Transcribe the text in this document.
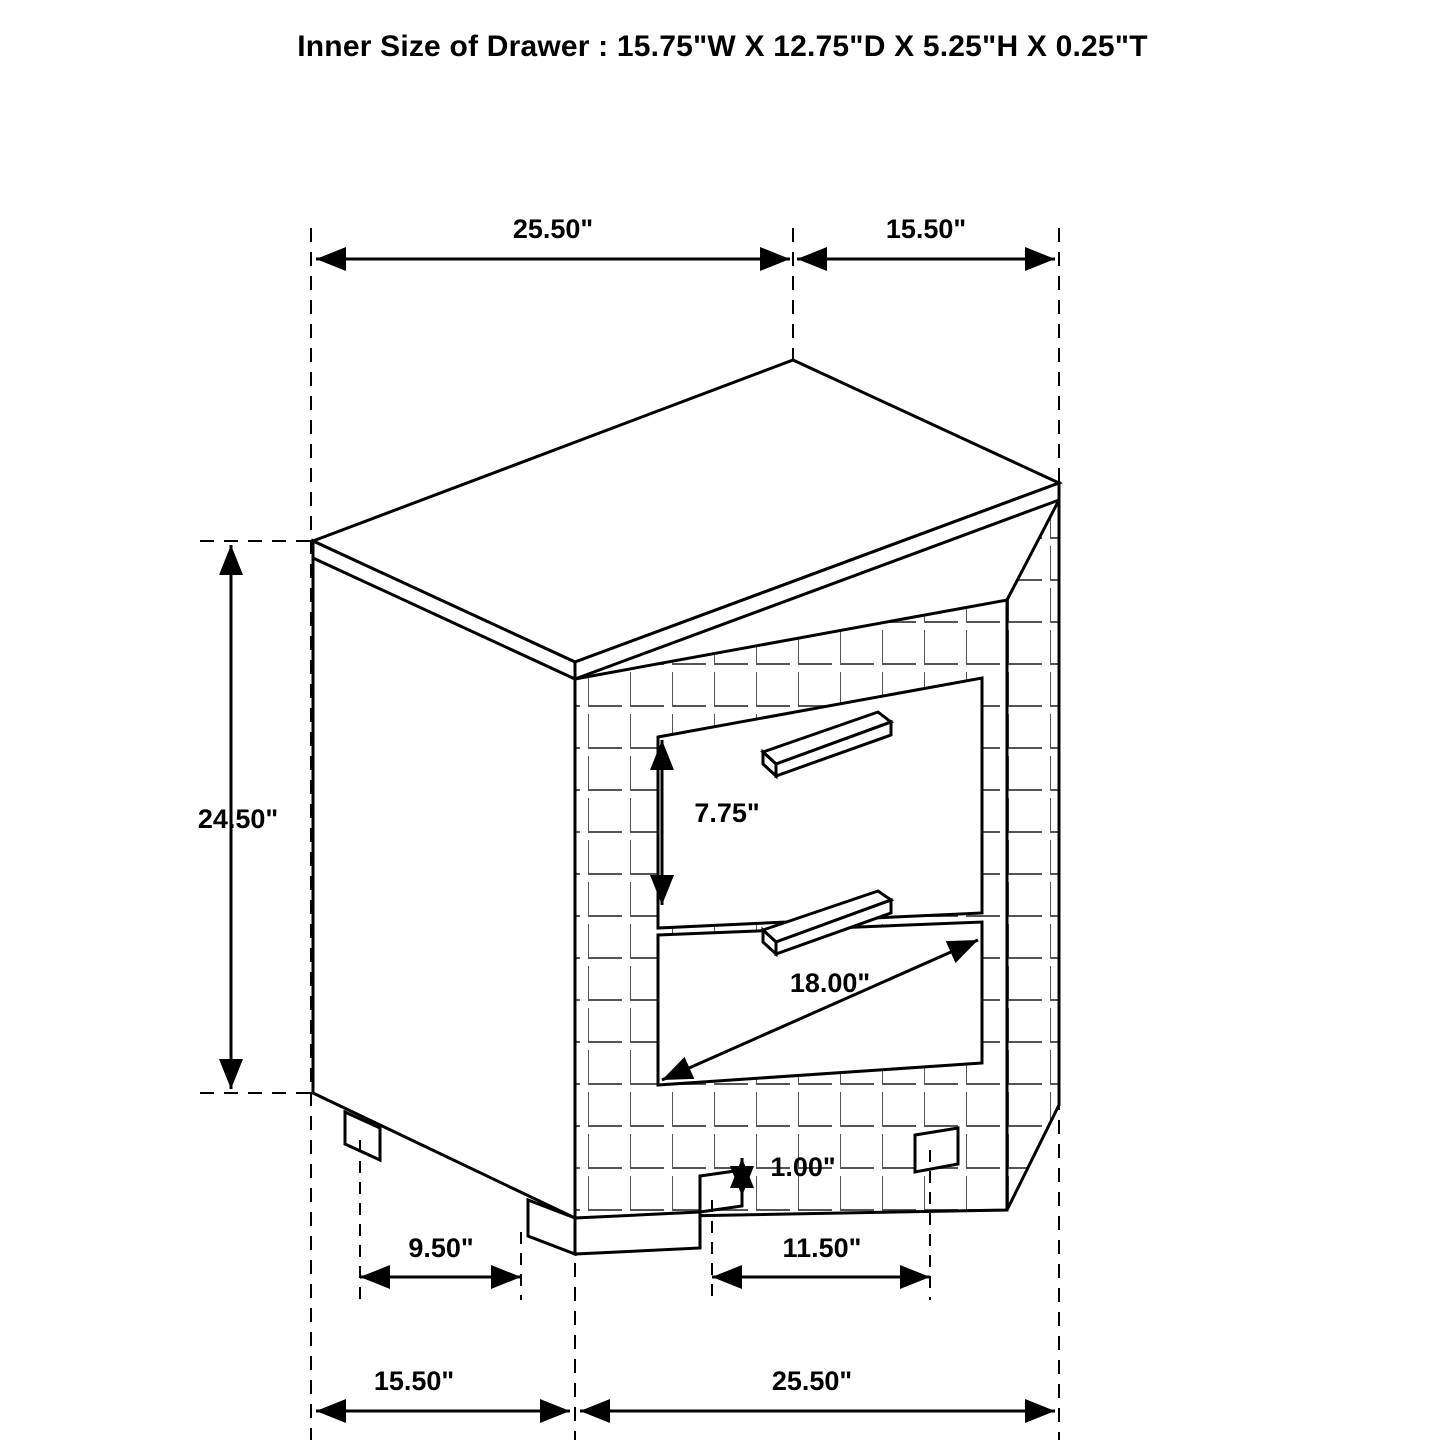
Inner Size of Drawer : 15.75"W X 12.75"D X 5.25"H X 0.25"T
25.50"	15.50"
24.50"	7.75"
18.00"
1.00"
9.50"	11.50"
15.50"	25.50"
